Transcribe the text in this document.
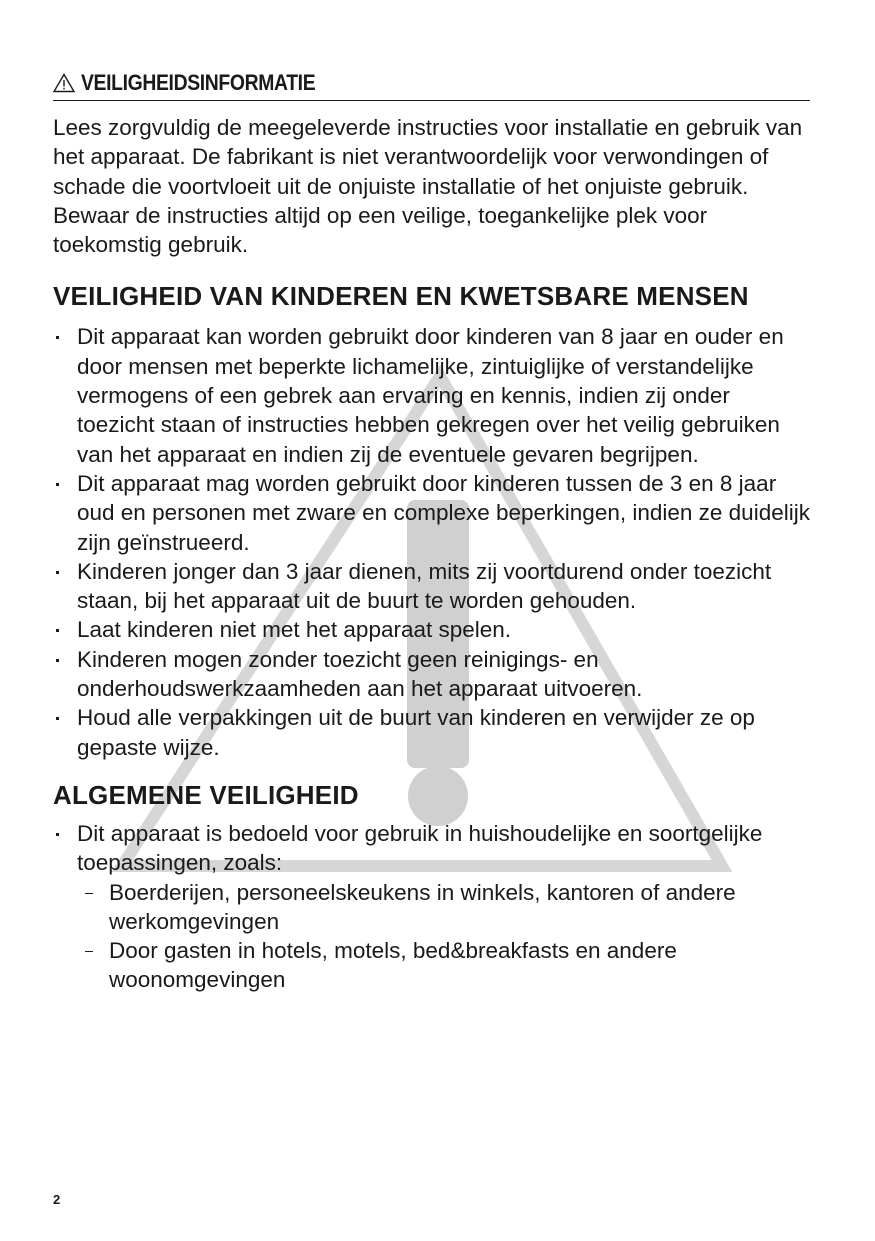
VEILIGHEIDSINFORMATIE

Lees zorgvuldig de meegeleverde instructies voor installatie en gebruik van het apparaat. De fabrikant is niet verantwoordelijk voor verwondingen of schade die voortvloeit uit de onjuiste installatie of het onjuiste gebruik. Bewaar de instructies altijd op een veilige, toegankelijke plek voor toekomstig gebruik.

VEILIGHEID VAN KINDEREN EN KWETSBARE MENSEN
Dit apparaat kan worden gebruikt door kinderen van 8 jaar en ouder en door mensen met beperkte lichamelijke, zintuiglijke of verstandelijke vermogens of een gebrek aan ervaring en kennis, indien zij onder toezicht staan of instructies hebben gekregen over het veilig gebruiken van het apparaat en indien zij de eventuele gevaren begrijpen.
Dit apparaat mag worden gebruikt door kinderen tussen de 3 en 8 jaar oud en personen met zware en complexe beperkingen, indien ze duidelijk zijn geïnstrueerd.
Kinderen jonger dan 3 jaar dienen, mits zij voortdurend onder toezicht staan, bij het apparaat uit de buurt te worden gehouden.
Laat kinderen niet met het apparaat spelen.
Kinderen mogen zonder toezicht geen reinigings- en onderhoudswerkzaamheden aan het apparaat uitvoeren.
Houd alle verpakkingen uit de buurt van kinderen en verwijder ze op gepaste wijze.
ALGEMENE VEILIGHEID
Dit apparaat is bedoeld voor gebruik in huishoudelijke en soortgelijke toepassingen, zoals:
Boerderijen, personeelskeukens in winkels, kantoren of andere werkomgevingen
Door gasten in hotels, motels, bed&breakfasts en andere woonomgevingen
2
